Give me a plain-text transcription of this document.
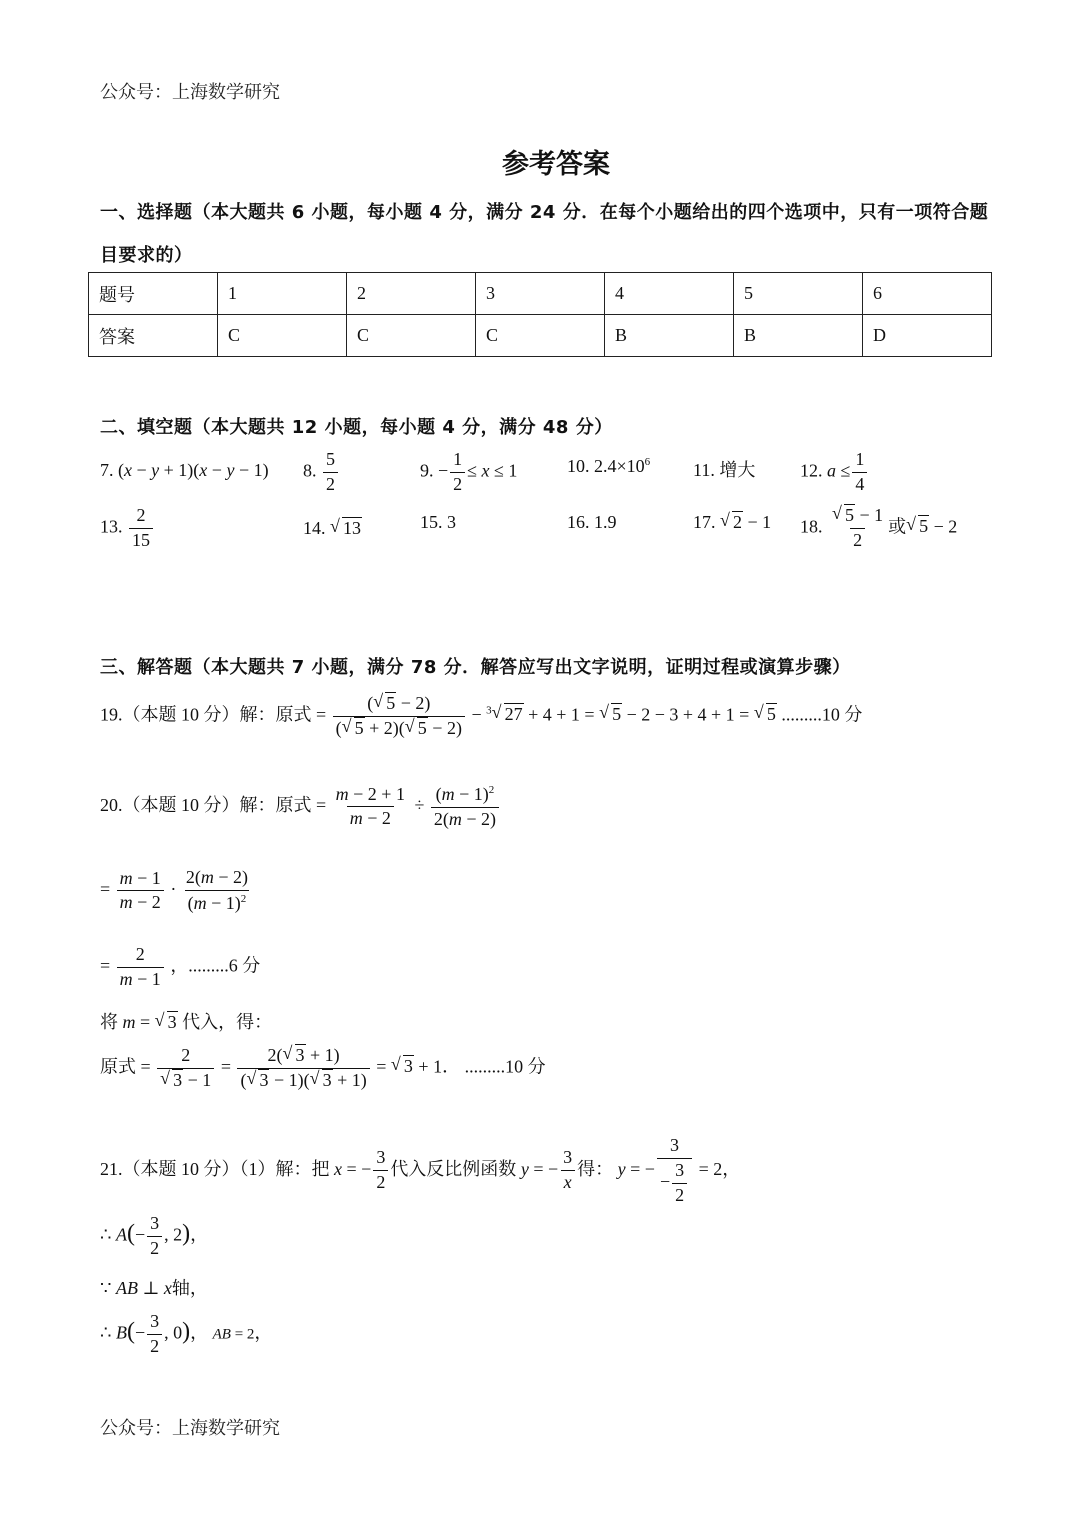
公众号：上海数学研究
参考答案
一、选择题（本大题共 6 小题，每小题 4 分，满分 24 分．在每个小题给出的四个选项中，只有一项符合题
目要求的）
题号	1	2	3	4	5	6
答案	C	C	C	B	B	D
二、填空题（本大题共 12 小题，每小题 4 分，满分 48 分）
7. (x − y + 1)(x − y − 1) 8. $\frac{5}{2}$	9. − $\frac{1}{2} \le x \le 1$	10. $2.4\times 10^6$ 11. 增大 12. $a \le \frac{1}{4}$
13. $\frac{2}{15}$	14. √ 13	15. 3	16. 1.9	17. √ 2 − 1 18. √ $\frac{5 - 1}{2}$ 或 √ 5 − 2
三、解答题（本大题共 7 小题，满分 78 分．解答应写出文字说明，证明过程或演算步骤）
19.（本题 10 分）解：原式 = $\frac{( √ 5 - 2)}{( √ 5 + 2)( √ 5 - 2)} - ^3$ √ 27 + 4 + 1 = √ 5 − 2 − 3 + 4 + 1 = √ 5 .........10 分
20.（本题 10 分）解：原式 = $\frac{m - 2 + 1}{m - 2} \div \frac{(m - 1)^2}{2(m - 2)}$
= $\frac{m - 1}{m - 2} \cdot \frac{2(m - 2)}{(m - 1)^2}$
= $\frac{2}{m - 1}$ ，.........6 分
将 m = √ 3 代入，得：
原式 = 2
√ $3 - 1 = \frac{2( √ 3 + 1)}{( √ 3 - 1)( √ 3 + 1)}$ = √ 3 + 1． .........10 分
21.（本题 10 分）（1）解：把 x = − $\frac{3}{2}$ 代入反比例函数 y = − $\frac{3}{x}$ 得： y = − $\frac{3}{- \frac{3}{2}} = 2$，
∴ $A(- \frac{3}{2}$ , 2)，
∵ AB ⊥ x轴，
∴ $B(- \frac{3}{2}$ , 0)， AB = 2，
公众号：上海数学研究
